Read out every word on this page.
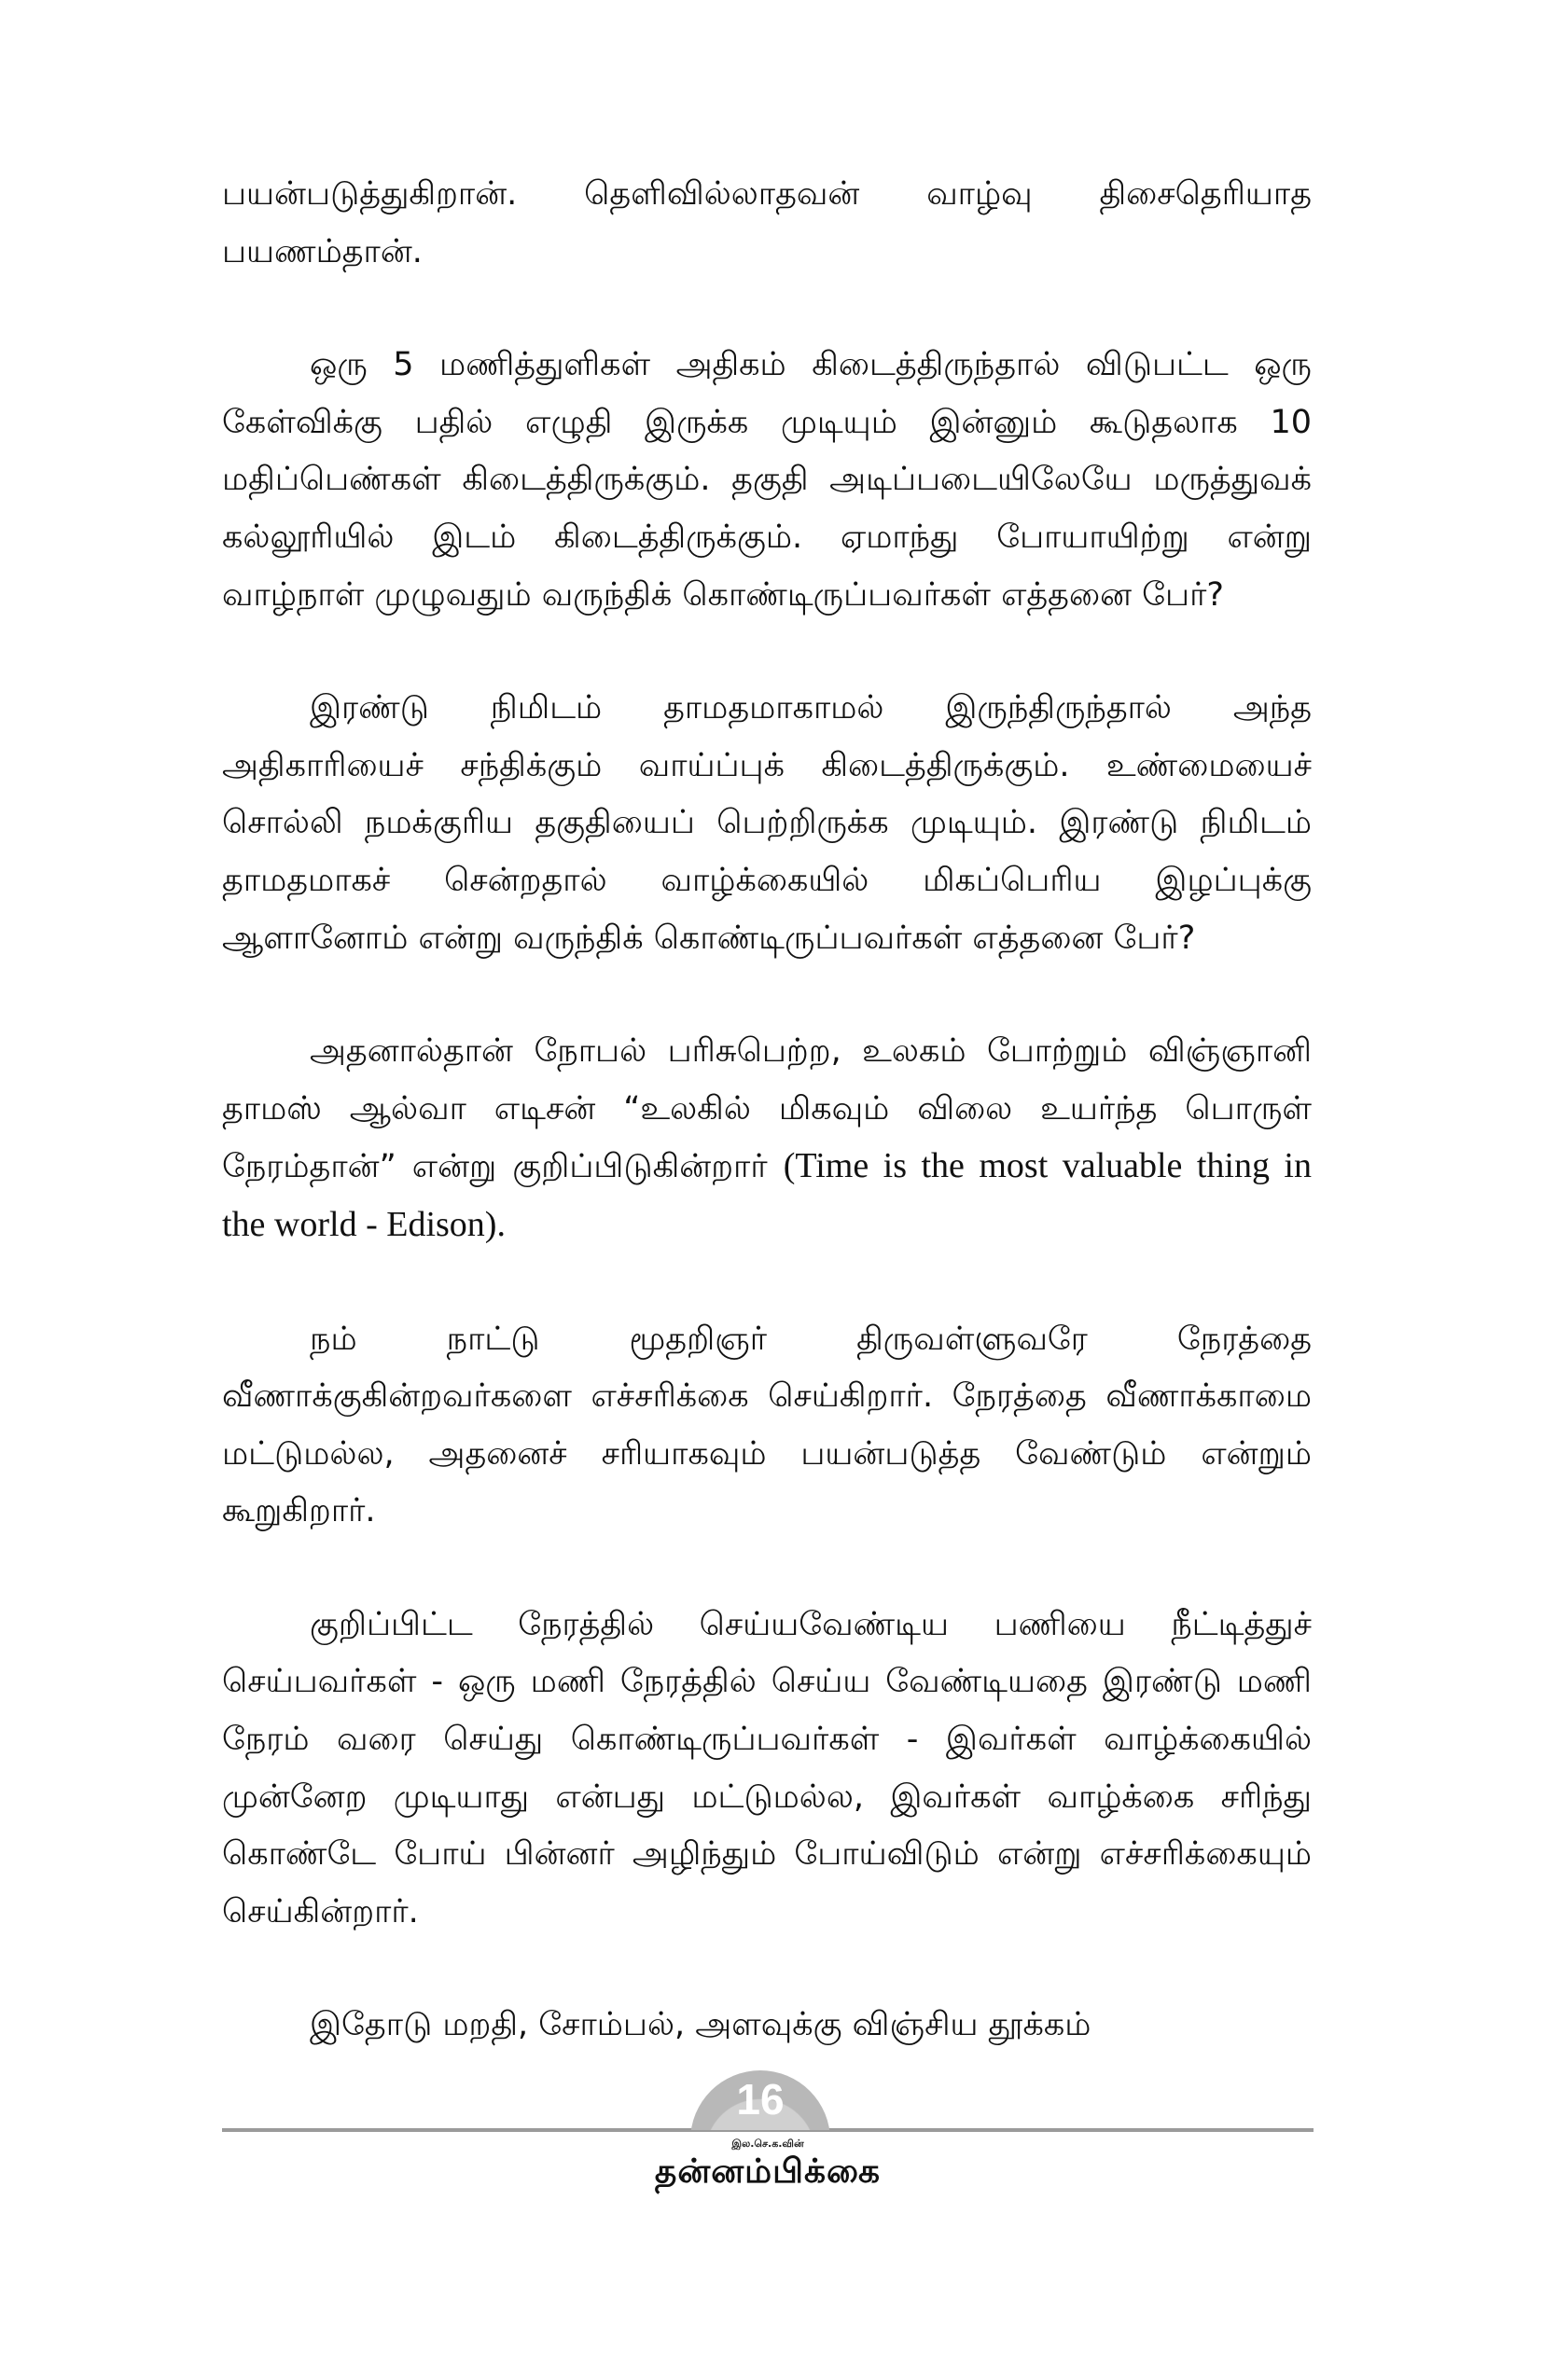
பயன்படுத்துகிறான். தெளிவில்லாதவன் வாழ்வு திசைதெரியாத பயணம்தான்.

ஒரு 5 மணித்துளிகள் அதிகம் கிடைத்திருந்தால் விடுபட்ட ஒரு கேள்விக்கு பதில் எழுதி இருக்க முடியும் இன்னும் கூடுதலாக 10 மதிப்பெண்கள் கிடைத்திருக்கும். தகுதி அடிப்படையிலேயே மருத்துவக் கல்லூரியில் இடம் கிடைத்திருக்கும். ஏமாந்து போயாயிற்று என்று வாழ்நாள் முழுவதும் வருந்திக் கொண்டிருப்பவர்கள் எத்தனை பேர்?

இரண்டு நிமிடம் தாமதமாகாமல் இருந்திருந்தால் அந்த அதிகாரியைச் சந்திக்கும் வாய்ப்புக் கிடைத்திருக்கும். உண்மையைச் சொல்லி நமக்குரிய தகுதியைப் பெற்றிருக்க முடியும். இரண்டு நிமிடம் தாமதமாகச் சென்றதால் வாழ்க்கையில் மிகப்பெரிய இழப்புக்கு ஆளானோம் என்று வருந்திக் கொண்டிருப்பவர்கள் எத்தனை பேர்?

அதனால்தான் நோபல் பரிசுபெற்ற, உலகம் போற்றும் விஞ்ஞானி தாமஸ் ஆல்வா எடிசன் “உலகில் மிகவும் விலை உயர்ந்த பொருள் நேரம்தான்” என்று குறிப்பிடுகின்றார் (Time is the most valuable thing in the world - Edison).

நம் நாட்டு மூதறிஞர் திருவள்ளுவரே நேரத்தை வீணாக்குகின்றவர்களை எச்சரிக்கை செய்கிறார். நேரத்தை வீணாக்காமை மட்டுமல்ல, அதனைச் சரியாகவும் பயன்படுத்த வேண்டும் என்றும் கூறுகிறார்.

குறிப்பிட்ட நேரத்தில் செய்யவேண்டிய பணியை நீட்டித்துச் செய்பவர்கள் - ஒரு மணி நேரத்தில் செய்ய வேண்டியதை இரண்டு மணி நேரம் வரை செய்து கொண்டிருப்பவர்கள் - இவர்கள் வாழ்க்கையில் முன்னேற முடியாது என்பது மட்டுமல்ல, இவர்கள் வாழ்க்கை சரிந்து கொண்டே போய் பின்னர் அழிந்தும் போய்விடும் என்று எச்சரிக்கையும் செய்கின்றார்.

இதோடு மறதி, சோம்பல், அளவுக்கு விஞ்சிய தூக்கம்

16
இல.செ.க.வின்
தன்னம்பிக்கை
